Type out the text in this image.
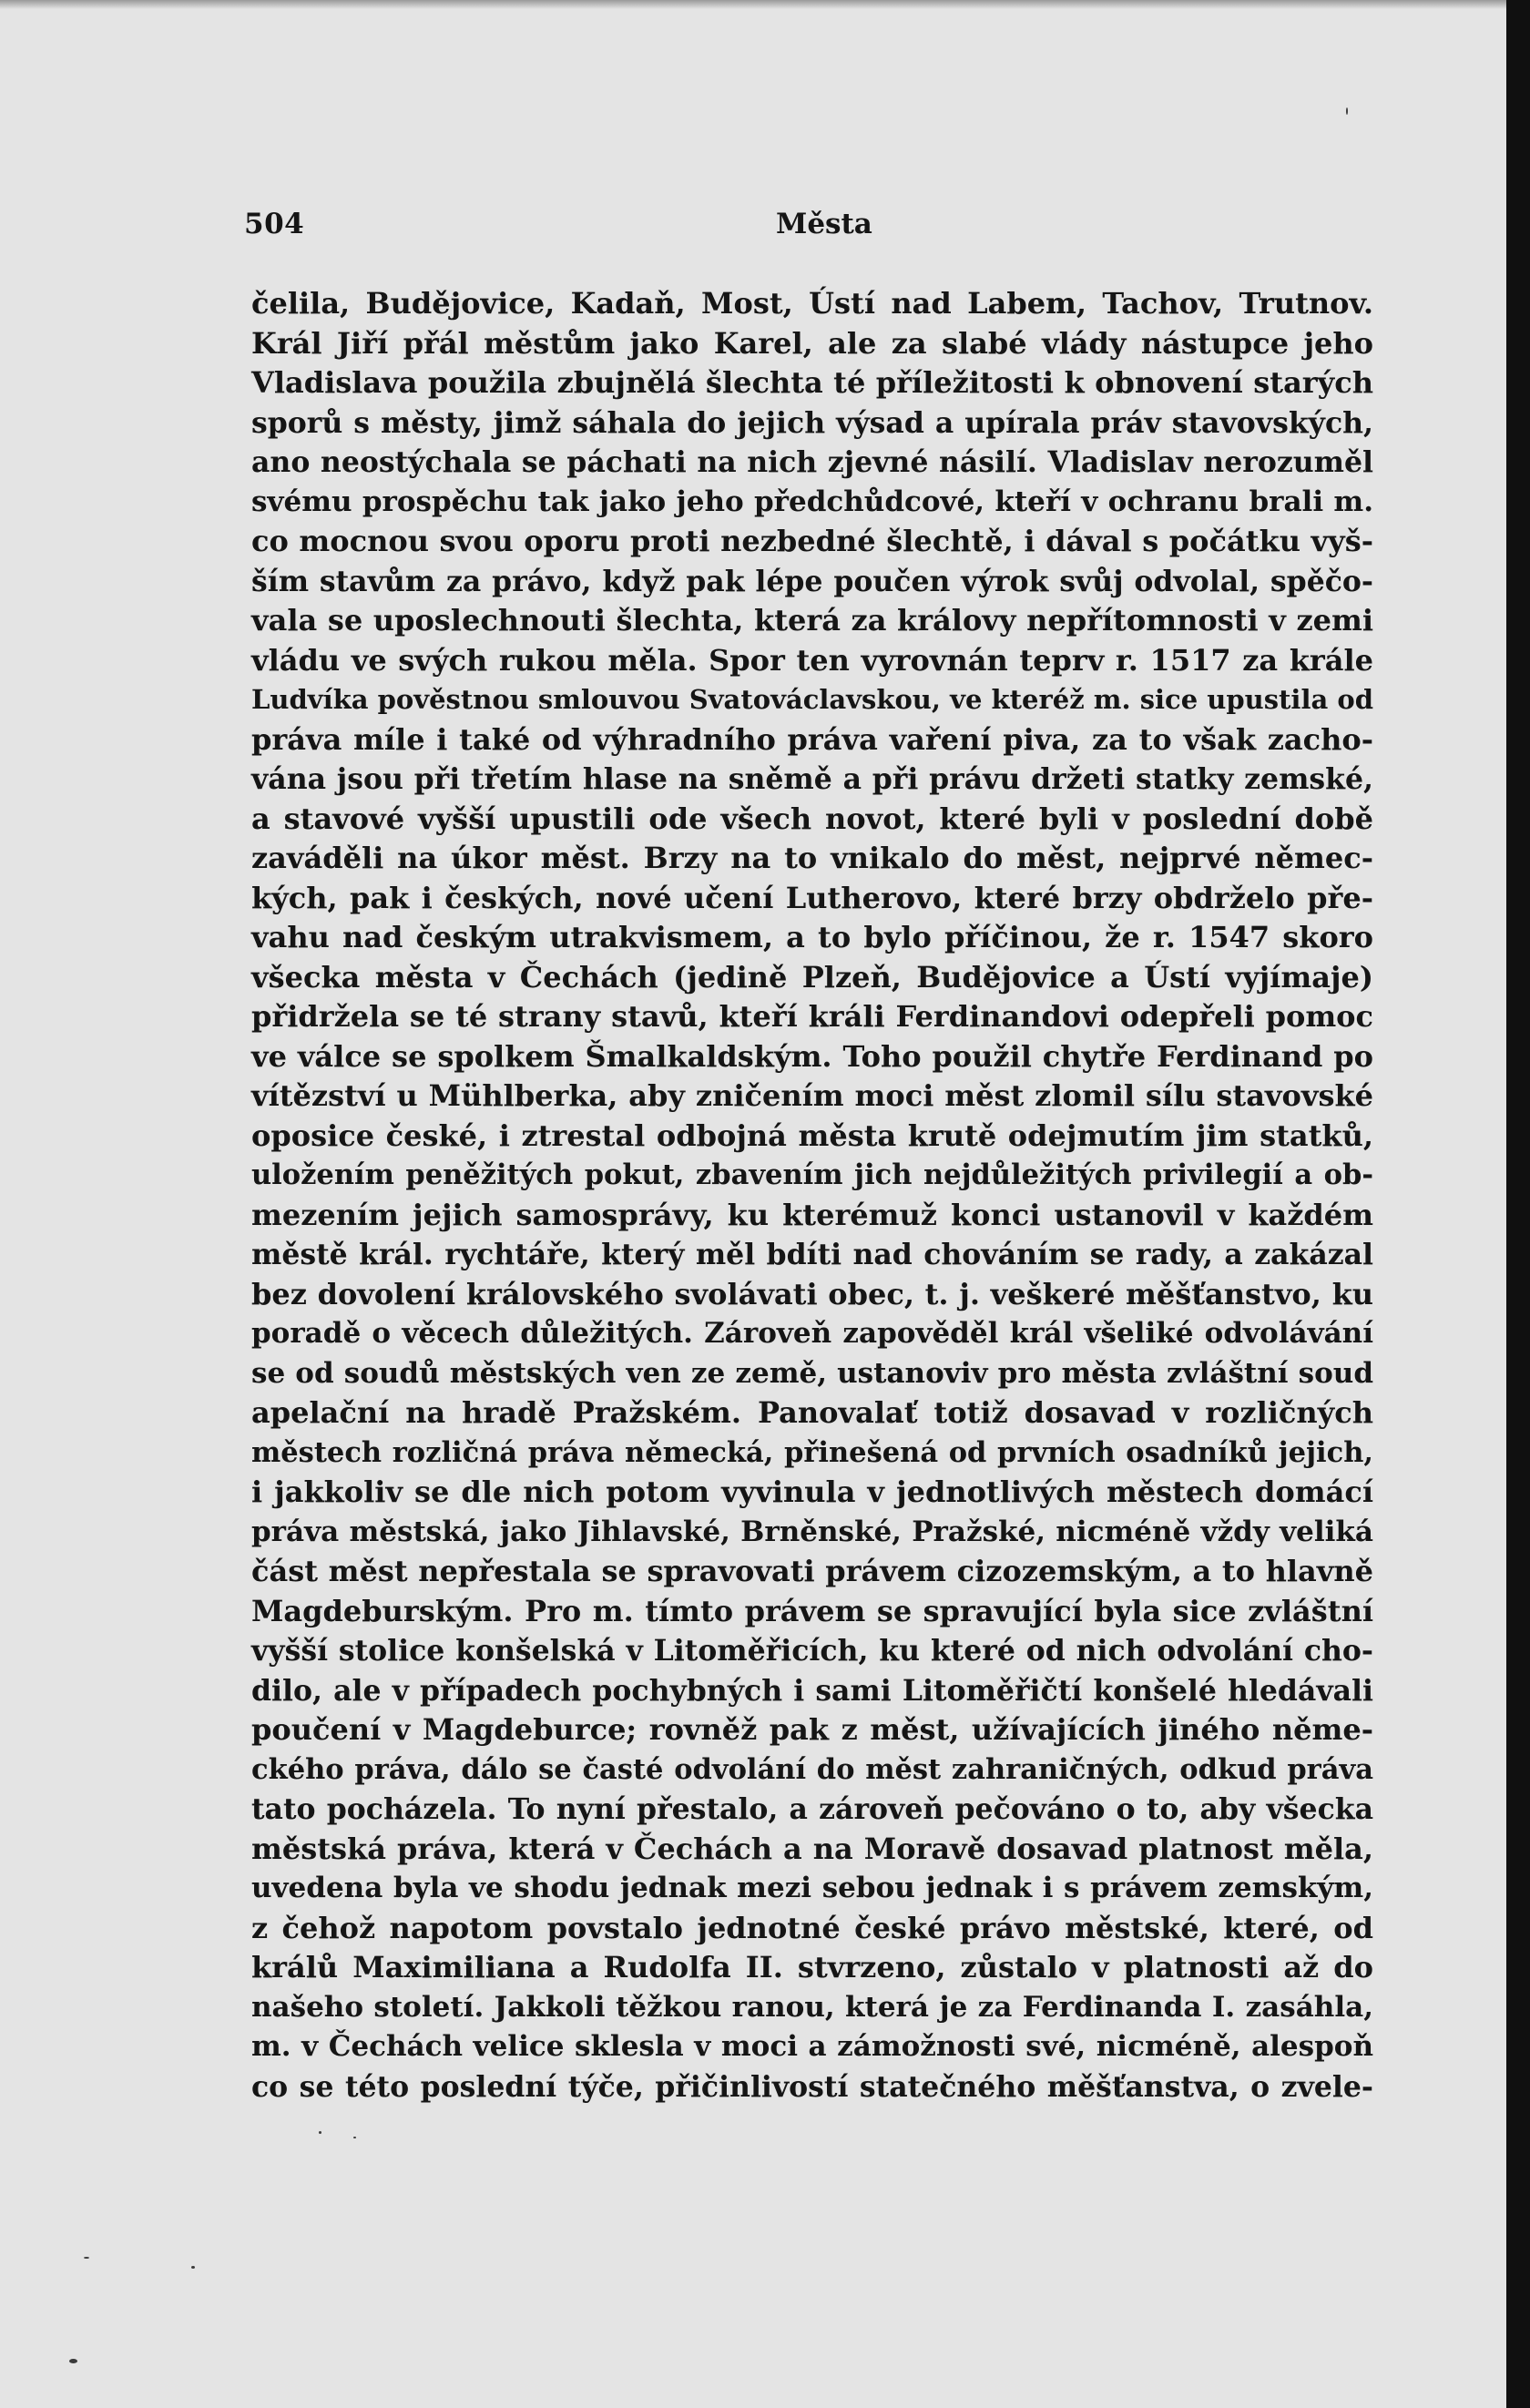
504	Města
čelila, Budějovice, Kadaň, Most, Ústí nad Labem, Tachov, Trutnov.
Král Jiří přál městům jako Karel, ale za slabé vlády nástupce jeho
Vladislava použila zbujnělá šlechta té příležitosti k obnovení starých
sporů s městy, jimž sáhala do jejich výsad a upírala práv stavovských,
ano neostýchala se páchati na nich zjevné násilí. Vladislav nerozuměl
svému prospěchu tak jako jeho předchůdcové, kteří v ochranu brali m.
co mocnou svou oporu proti nezbedné šlechtě, i dával s počátku vyš-
ším stavům za právo, když pak lépe poučen výrok svůj odvolal, spěčo-
vala se uposlechnouti šlechta, která za královy nepřítomnosti v zemi
vládu ve svých rukou měla. Spor ten vyrovnán teprv r. 1517 za krále
Ludvíka pověstnou smlouvou Svatováclavskou, ve kteréž m. sice upustila od
práva míle i také od výhradního práva vaření piva, za to však zacho-
vána jsou při třetím hlase na sněmě a při právu držeti statky zemské,
a stavové vyšší upustili ode všech novot, které byli v poslední době
zaváděli na úkor měst. Brzy na to vnikalo do měst, nejprvé němec-
kých, pak i českých, nové učení Lutherovo, které brzy obdrželo pře-
vahu nad českým utrakvismem, a to bylo příčinou, že r. 1547 skoro
všecka města v Čechách (jedině Plzeň, Budějovice a Ústí vyjímaje)
přidržela se té strany stavů, kteří králi Ferdinandovi odepřeli pomoc
ve válce se spolkem Šmalkaldským. Toho použil chytře Ferdinand po
vítězství u Mühlberka, aby zničením moci měst zlomil sílu stavovské
oposice české, i ztrestal odbojná města krutě odejmutím jim statků,
uložením peněžitých pokut, zbavením jich nejdůležitých privilegií a ob-
mezením jejich samosprávy, ku kterémuž konci ustanovil v každém
městě král. rychtáře, který měl bdíti nad chováním se rady, a zakázal
bez dovolení královského svolávati obec, t. j. veškeré měšťanstvo, ku
poradě o věcech důležitých. Zároveň zapověděl král všeliké odvolávání
se od soudů městských ven ze země, ustanoviv pro města zvláštní soud
apelační na hradě Pražském. Panovalať totiž dosavad v rozličných
městech rozličná práva německá, přinešená od prvních osadníků jejich,
i jakkoliv se dle nich potom vyvinula v jednotlivých městech domácí
práva městská, jako Jihlavské, Brněnské, Pražské, nicméně vždy veliká
část měst nepřestala se spravovati právem cizozemským, a to hlavně
Magdeburským. Pro m. tímto právem se spravující byla sice zvláštní
vyšší stolice konšelská v Litoměřicích, ku které od nich odvolání cho-
dilo, ale v případech pochybných i sami Litoměřičtí konšelé hledávali
poučení v Magdeburce; rovněž pak z měst, užívajících jiného něme-
ckého práva, dálo se časté odvolání do měst zahraničných, odkud práva
tato pocházela. To nyní přestalo, a zároveň pečováno o to, aby všecka
městská práva, která v Čechách a na Moravě dosavad platnost měla,
uvedena byla ve shodu jednak mezi sebou jednak i s právem zemským,
z čehož napotom povstalo jednotné české právo městské, které, od
králů Maximiliana a Rudolfa II. stvrzeno, zůstalo v platnosti až do
našeho století. Jakkoli těžkou ranou, která je za Ferdinanda I. zasáhla,
m. v Čechách velice sklesla v moci a zámožnosti své, nicméně, alespoň
co se této poslední týče, přičinlivostí statečného měšťanstva, o zvele-
